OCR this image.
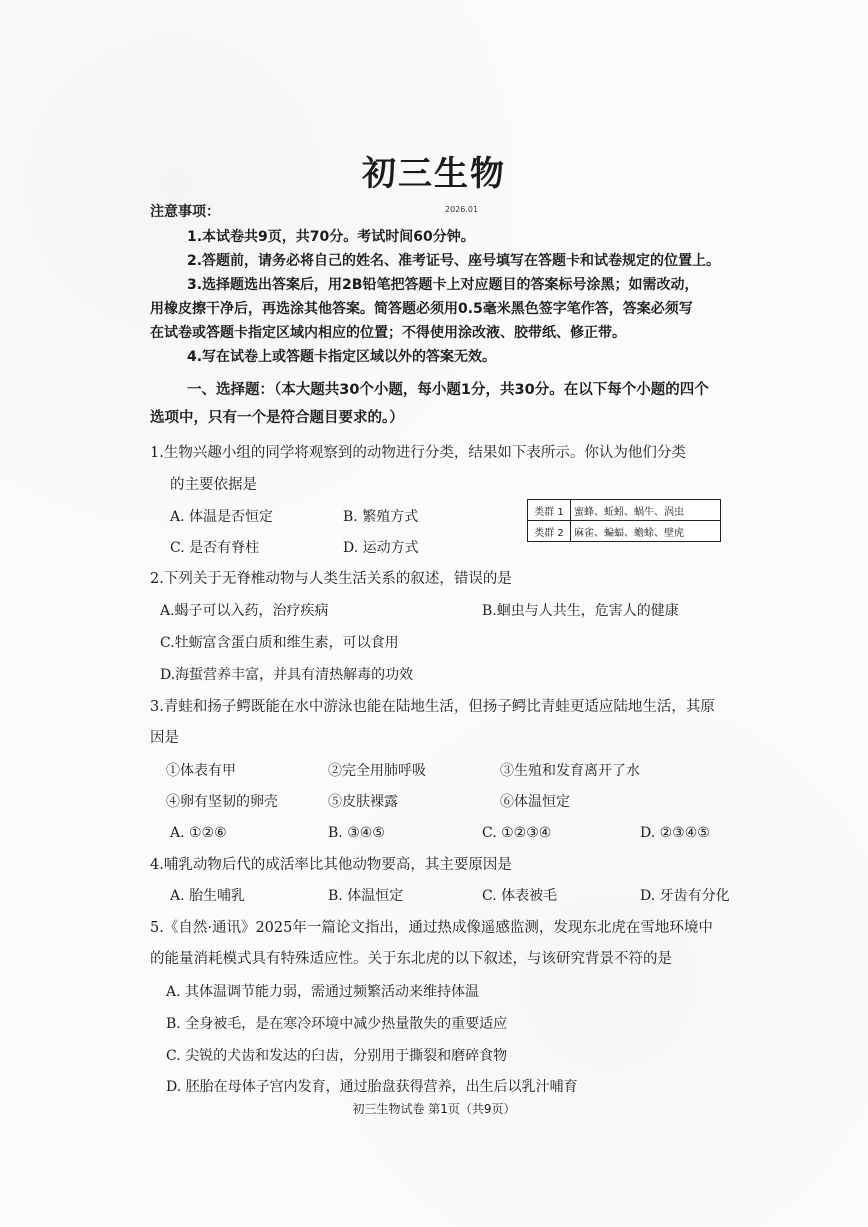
初三生物
2026.01
注意事项：
1.本试卷共9页，共70分。考试时间60分钟。
2.答题前，请务必将自己的姓名、准考证号、座号填写在答题卡和试卷规定的位置上。
3.选择题选出答案后，用2B铅笔把答题卡上对应题目的答案标号涂黑；如需改动，
用橡皮擦干净后，再选涂其他答案。简答题必须用0.5毫米黑色签字笔作答，答案必须写
在试卷或答题卡指定区域内相应的位置；不得使用涂改液、胶带纸、修正带。
4.写在试卷上或答题卡指定区域以外的答案无效。
一、选择题：（本大题共30个小题，每小题1分，共30分。在以下每个小题的四个
选项中，只有一个是符合题目要求的。）
1.生物兴趣小组的同学将观察到的动物进行分类，结果如下表所示。你认为他们分类
的主要依据是
A. 体温是否恒定	B. 繁殖方式
C. 是否有脊柱	D. 运动方式
类群 1	蜜蜂、蚯蚓、蜗牛、涡虫
类群 2	麻雀、蝙蝠、蟾蜍、壁虎
2.下列关于无脊椎动物与人类生活关系的叙述，错误的是
A.蝎子可以入药，治疗疾病	B.蛔虫与人共生，危害人的健康
C.牡蛎富含蛋白质和维生素，可以食用
D.海蜇营养丰富，并具有清热解毒的功效
3.青蛙和扬子鳄既能在水中游泳也能在陆地生活，但扬子鳄比青蛙更适应陆地生活，其原
因是
①体表有甲	②完全用肺呼吸	③生殖和发育离开了水
④卵有坚韧的卵壳	⑤皮肤裸露	⑥体温恒定
A. ①②⑥	B. ③④⑤	C. ①②③④	D. ②③④⑤
4.哺乳动物后代的成活率比其他动物要高，其主要原因是
A. 胎生哺乳	B. 体温恒定	C. 体表被毛	D. 牙齿有分化
5.《自然·通讯》2025年一篇论文指出，通过热成像遥感监测，发现东北虎在雪地环境中
的能量消耗模式具有特殊适应性。关于东北虎的以下叙述，与该研究背景不符的是
A. 其体温调节能力弱，需通过频繁活动来维持体温
B. 全身被毛，是在寒冷环境中减少热量散失的重要适应
C. 尖锐的犬齿和发达的臼齿，分别用于撕裂和磨碎食物
D. 胚胎在母体子宫内发育，通过胎盘获得营养，出生后以乳汁哺育
初三生物试卷 第1页（共9页）
